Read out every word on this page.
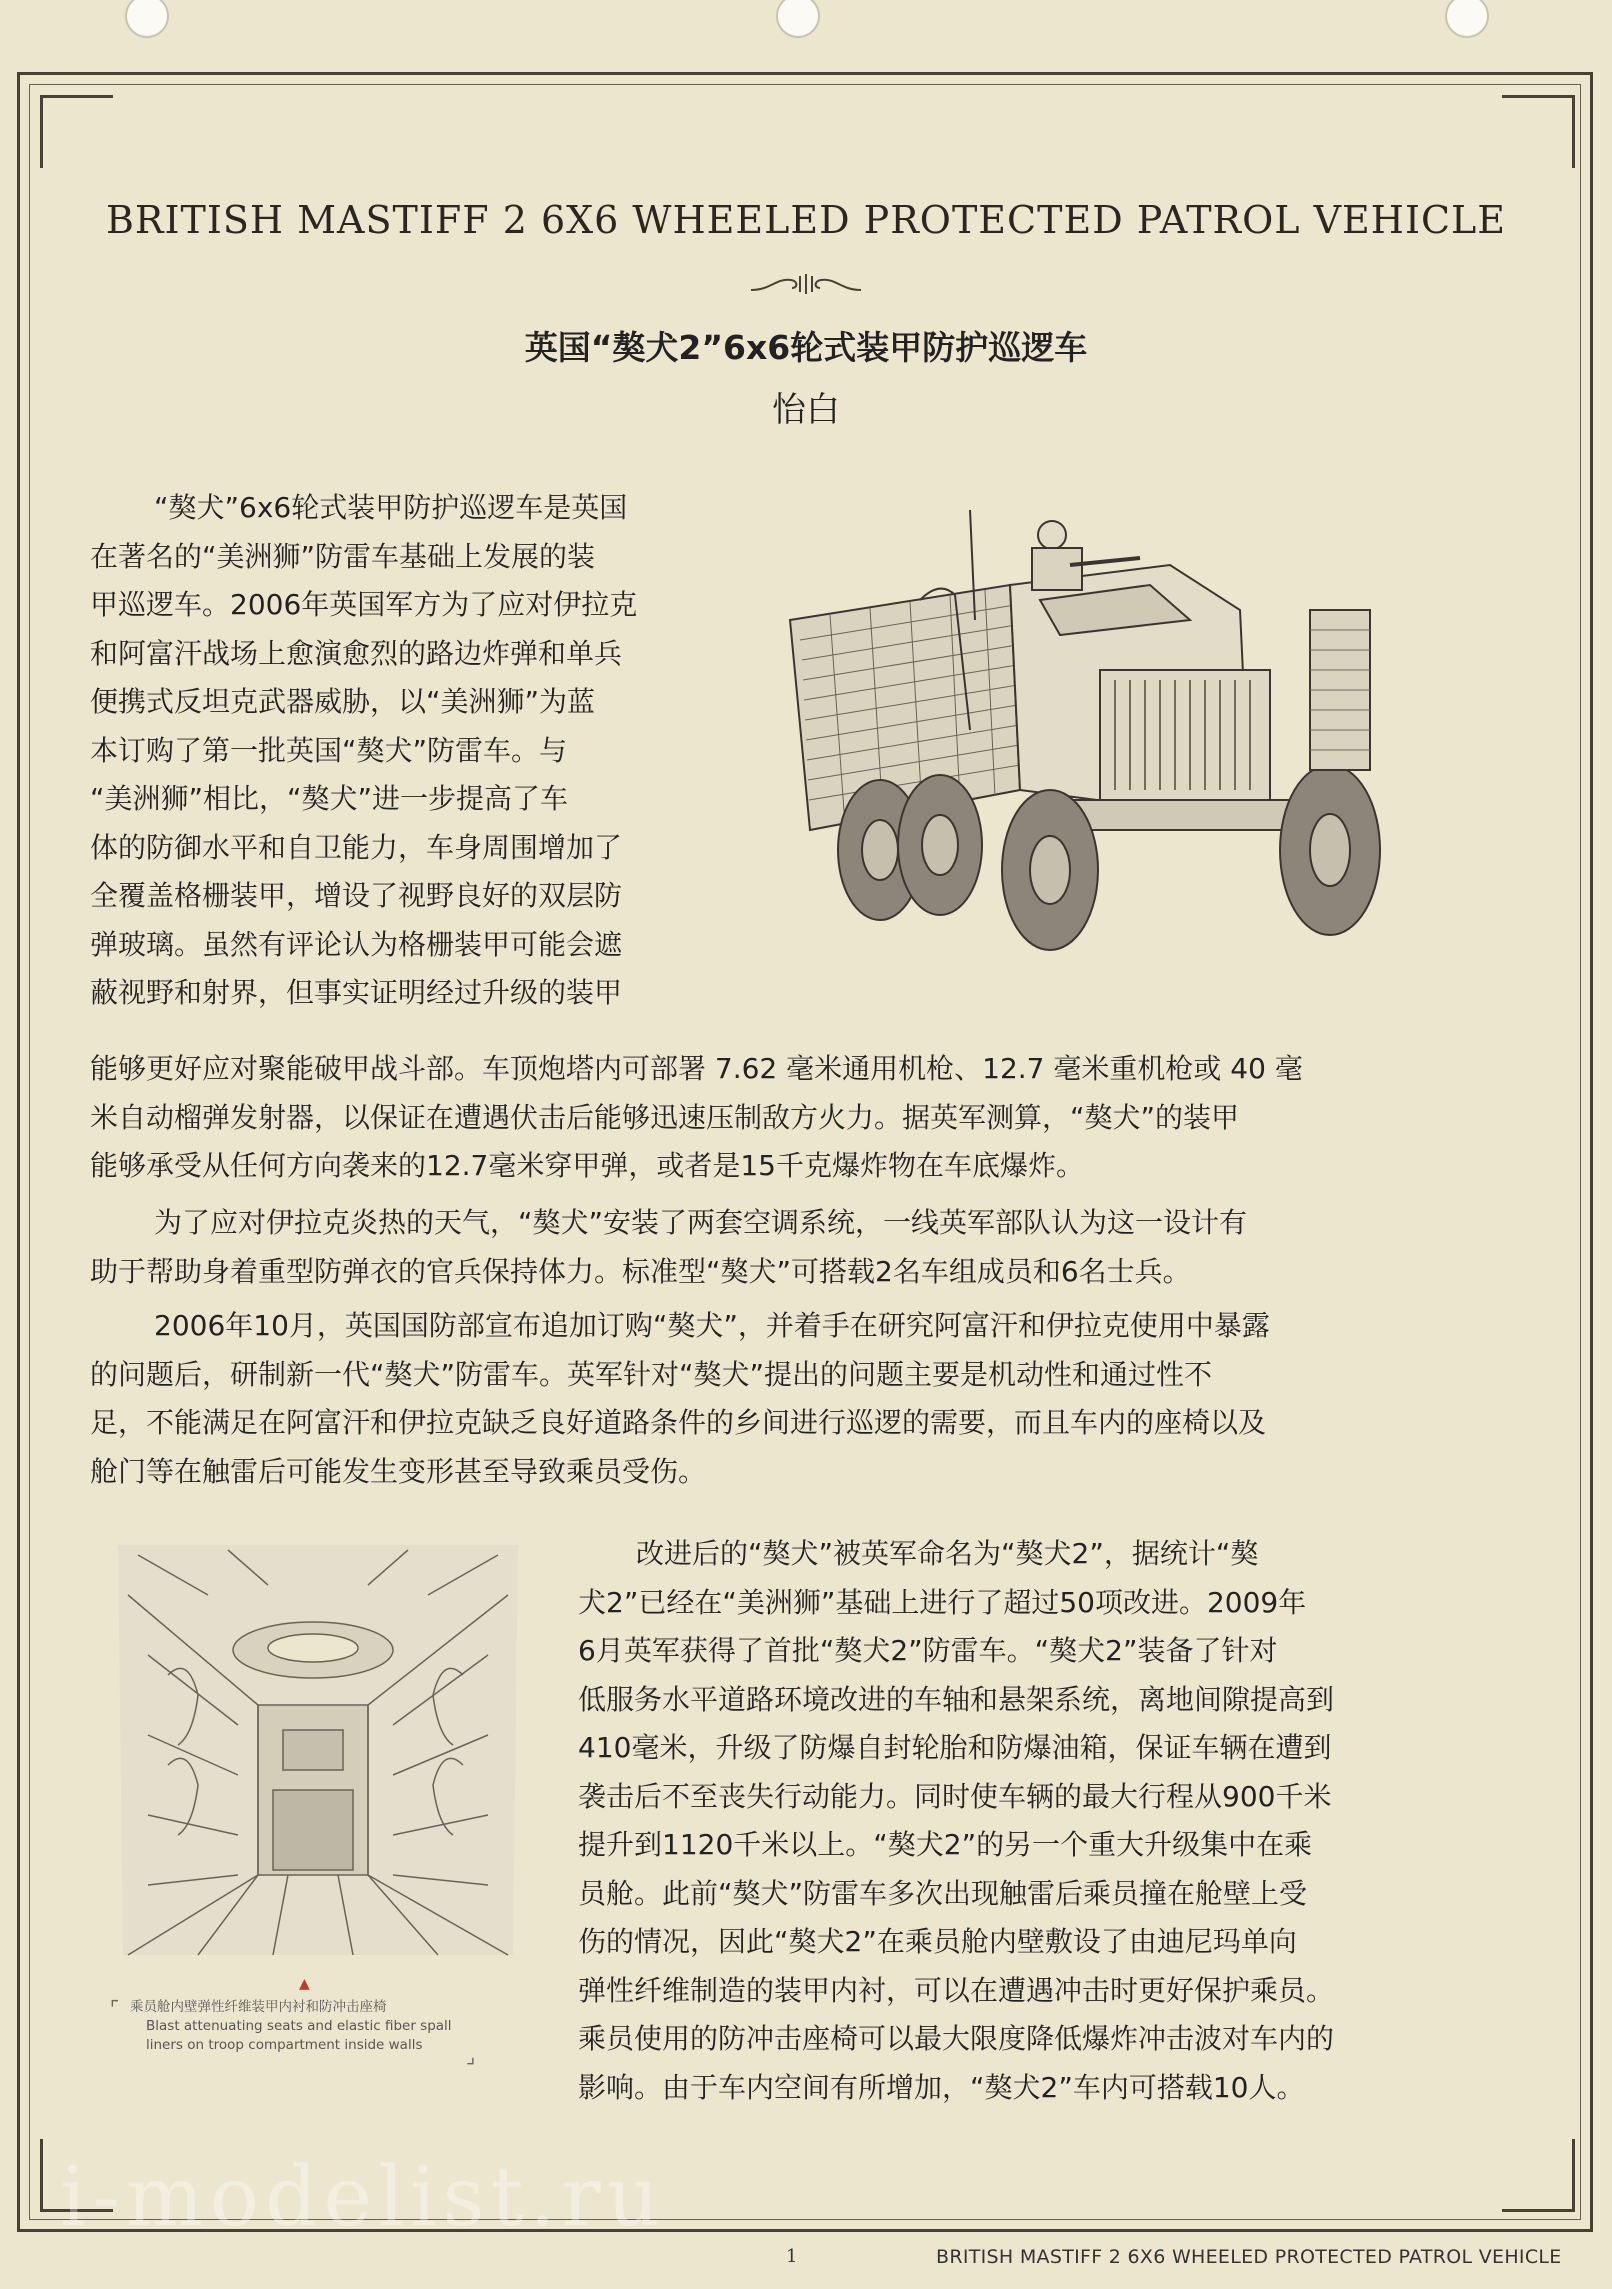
BRITISH MASTIFF 2 6X6 WHEELED PROTECTED PATROL VEHICLE
英国“獒犬2”6x6轮式装甲防护巡逻车
怡白
“獒犬”6x6轮式装甲防护巡逻车是英国
在著名的“美洲狮”防雷车基础上发展的装
甲巡逻车。2006年英国军方为了应对伊拉克
和阿富汗战场上愈演愈烈的路边炸弹和单兵
便携式反坦克武器威胁，以“美洲狮”为蓝
本订购了第一批英国“獒犬”防雷车。与
“美洲狮”相比，“獒犬”进一步提高了车
体的防御水平和自卫能力，车身周围增加了
全覆盖格栅装甲，增设了视野良好的双层防
弹玻璃。虽然有评论认为格栅装甲可能会遮
蔽视野和射界，但事实证明经过升级的装甲
能够更好应对聚能破甲战斗部。车顶炮塔内可部署 7.62 毫米通用机枪、12.7 毫米重机枪或 40 毫
米自动榴弹发射器，以保证在遭遇伏击后能够迅速压制敌方火力。据英军测算，“獒犬”的装甲
能够承受从任何方向袭来的12.7毫米穿甲弹，或者是15千克爆炸物在车底爆炸。
为了应对伊拉克炎热的天气，“獒犬”安装了两套空调系统，一线英军部队认为这一设计有
助于帮助身着重型防弹衣的官兵保持体力。标准型“獒犬”可搭载2名车组成员和6名士兵。
2006年10月，英国国防部宣布追加订购“獒犬”，并着手在研究阿富汗和伊拉克使用中暴露
的问题后，研制新一代“獒犬”防雷车。英军针对“獒犬”提出的问题主要是机动性和通过性不
足，不能满足在阿富汗和伊拉克缺乏良好道路条件的乡间进行巡逻的需要，而且车内的座椅以及
舱门等在触雷后可能发生变形甚至导致乘员受伤。
▲
⌜ 乘员舱内壁弹性纤维装甲内衬和防冲击座椅
Blast attenuating seats and elastic fiber spall liners on troop compartment inside walls	⌟
改进后的“獒犬”被英军命名为“獒犬2”，据统计“獒
犬2”已经在“美洲狮”基础上进行了超过50项改进。2009年
6月英军获得了首批“獒犬2”防雷车。“獒犬2”装备了针对
低服务水平道路环境改进的车轴和悬架系统，离地间隙提高到
410毫米，升级了防爆自封轮胎和防爆油箱，保证车辆在遭到
袭击后不至丧失行动能力。同时使车辆的最大行程从900千米
提升到1120千米以上。“獒犬2”的另一个重大升级集中在乘
员舱。此前“獒犬”防雷车多次出现触雷后乘员撞在舱壁上受
伤的情况，因此“獒犬2”在乘员舱内壁敷设了由迪尼玛单向
弹性纤维制造的装甲内衬，可以在遭遇冲击时更好保护乘员。
乘员使用的防冲击座椅可以最大限度降低爆炸冲击波对车内的
影响。由于车内空间有所增加，“獒犬2”车内可搭载10人。
i-modelist.ru
1	BRITISH MASTIFF 2 6X6 WHEELED PROTECTED PATROL VEHICLE
